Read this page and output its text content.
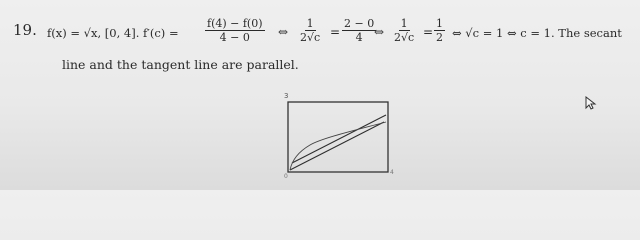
19. f(x) = √x, [0, 4]. $f'(c) = \frac{f(4) - f(0)}{4 - 0}$ ⇔ $\frac{1}{2√c} = \frac{2 - 0}{4}$
⇔ $\frac{1}{2√c} = \frac{1}{2}$ ⇔ √c = 1 ⇔ c = 1. The secant
line and the tangent line are parallel.
3
0
4
